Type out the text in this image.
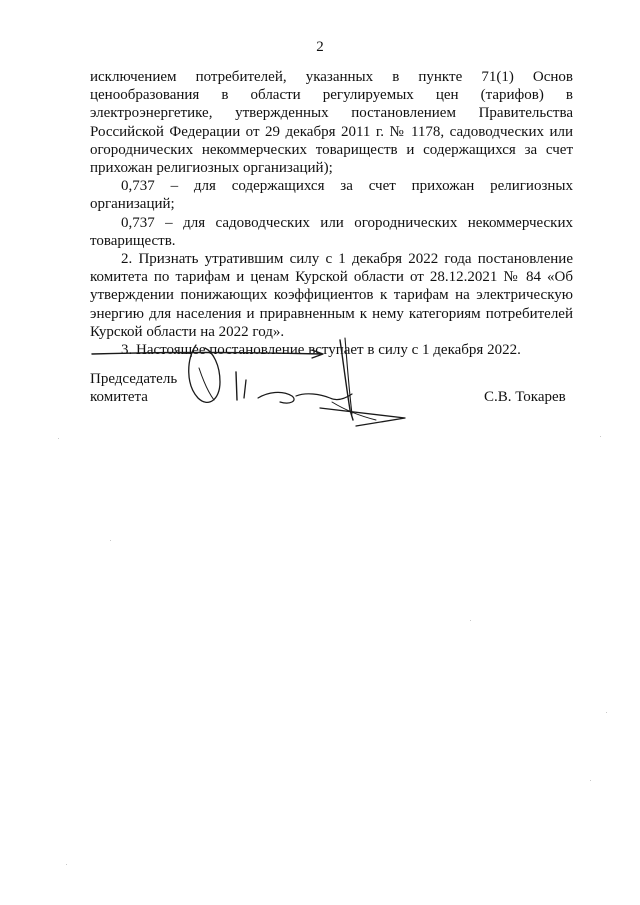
2

исключением потребителей, указанных в пункте 71(1) Основ ценообразования в области регулируемых цен (тарифов) в электроэнергетике, утвержденных постановлением Правительства Российской Федерации от 29 декабря 2011 г. № 1178, садоводческих или огороднических некоммерческих товариществ и содержащихся за счет прихожан религиозных организаций);

0,737 – для содержащихся за счет прихожан религиозных организаций;

0,737 – для садоводческих или огороднических некоммерческих товариществ.

2. Признать утратившим силу с 1 декабря 2022 года постановление комитета по тарифам и ценам Курской области от 28.12.2021 № 84 «Об утверждении понижающих коэффициентов к тарифам на электрическую энергию для населения и приравненным к нему категориям потребителей Курской области на 2022 год».

3. Настоящее постановление вступает в силу с 1 декабря 2022.

Председатель
комитета	С.В. Токарев
